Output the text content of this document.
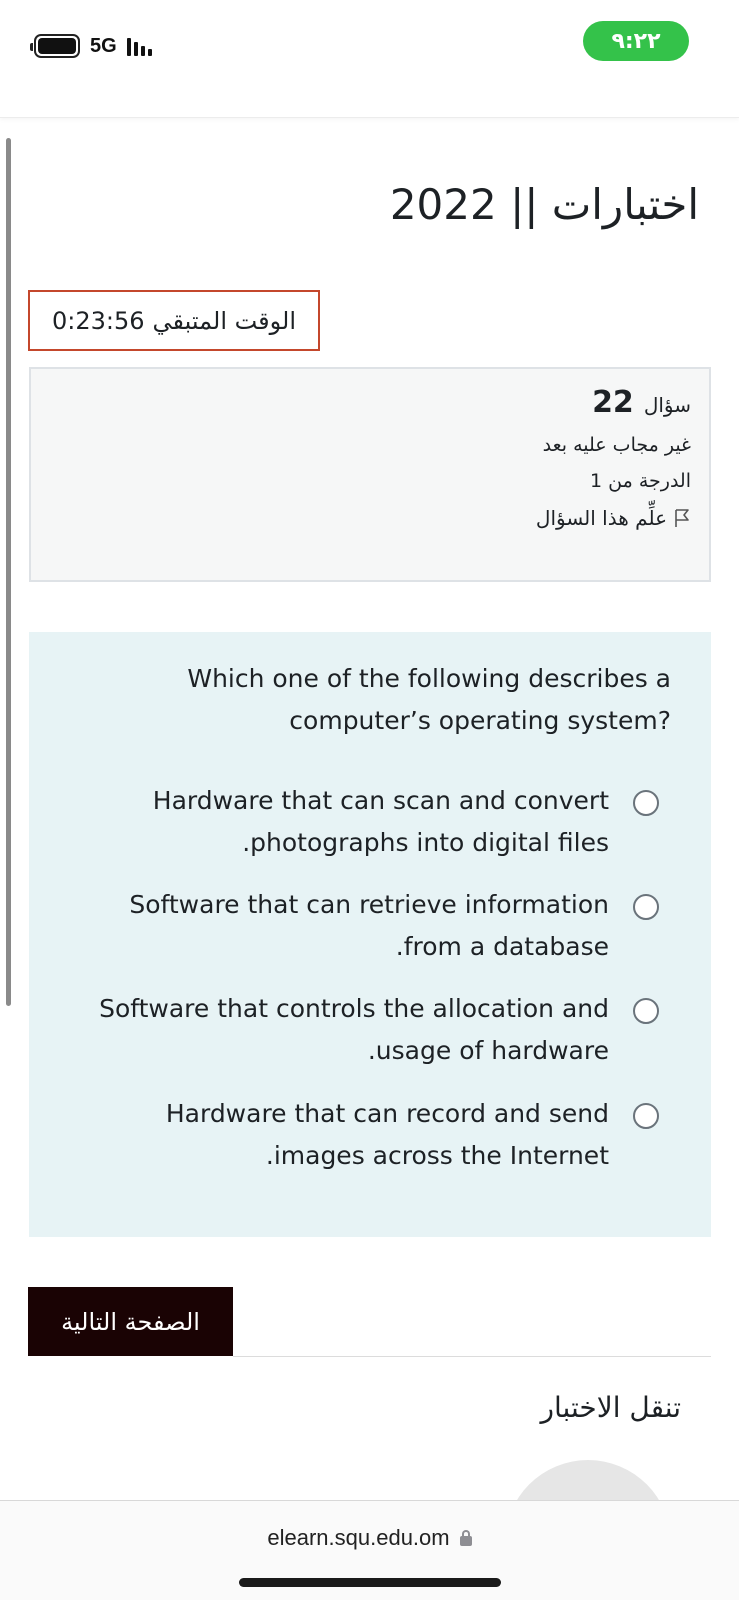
5G	٩:٢٢
اختبارات || 2022
الوقت المتبقي
0:23:56
سؤال
22
غير مجاب عليه بعد
الدرجة من 1
علِّم هذا السؤال
Which one of the following describes a computer’s operating system?
Hardware that can scan and convert .photographs into digital files
Software that can retrieve information .from a database
Software that controls the allocation and .usage of hardware
Hardware that can record and send .images across the Internet
الصفحة التالية
تنقل الاختبار
elearn.squ.edu.om
